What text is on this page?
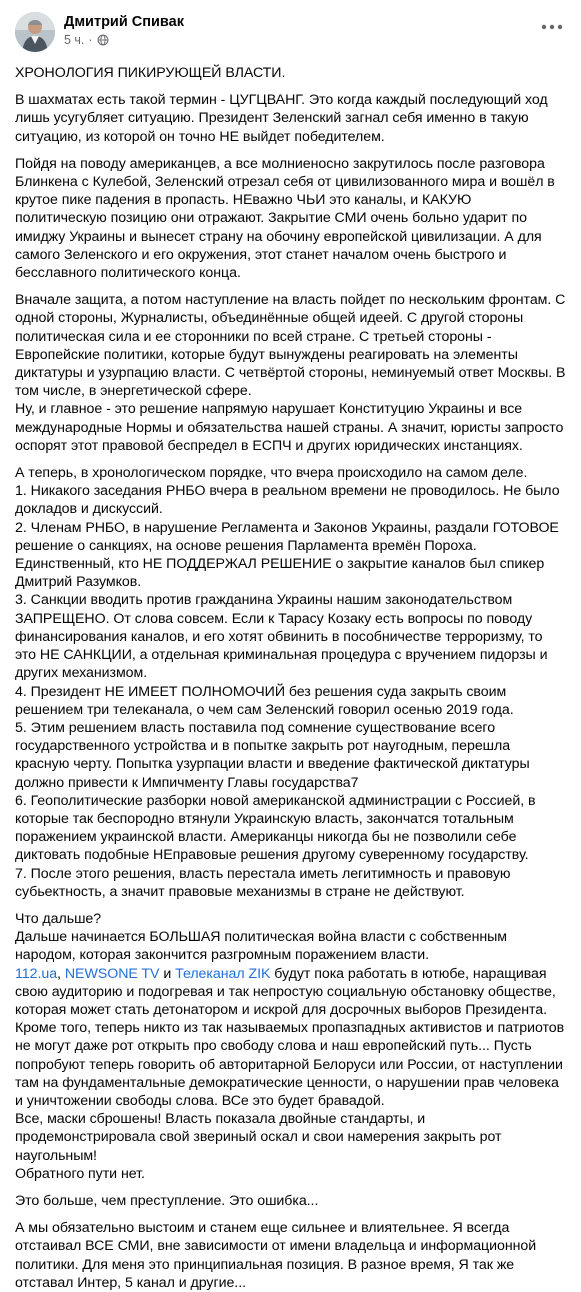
Дмитрий Спивак
5 ч. ·

ХРОНОЛОГИЯ ПИКИРУЮЩЕЙ ВЛАСТИ.

В шахматах есть такой термин - ЦУГЦВАНГ. Это когда каждый последующий ход лишь усугубляет ситуацию. Президент Зеленский загнал себя именно в такую ситуацию, из которой он точно НЕ выйдет победителем.

Пойдя на поводу американцев, а все молниеносно закрутилось после разговора Блинкена с Кулебой, Зеленский отрезал себя от цивилизованного мира и вошёл в крутое пике падения в пропасть. НЕважно ЧЬИ это каналы, и КАКУЮ политическую позицию они отражают. Закрытие СМИ очень больно ударит по имиджу Украины и вынесет страну на обочину европейской цивилизации. А для самого Зеленского и его окружения, этот станет началом очень быстрого и бесславного политического конца.

Вначале защита, а потом наступление на власть пойдет по нескольким фронтам. С одной стороны, Журналисты, объединённые общей идеей. С другой стороны политическая сила и ее сторонники по всей стране. С третьей стороны - Европейские политики, которые будут вынуждены реагировать на элементы диктатуры и узурпацию власти. С четвёртой стороны, неминуемый ответ Москвы. В том числе, в энергетической сфере.
Ну, и главное - это решение напрямую нарушает Конституцию Украины и все международные Нормы и обязательства нашей страны. А значит, юристы запросто оспорят этот правовой беспредел в ЕСПЧ и других юридических инстанциях.

А теперь, в хронологическом порядке, что вчера происходило на самом деле.
1. Никакого заседания РНБО вчера в реальном времени не проводилось. Не было докладов и дискуссий.
2. Членам РНБО, в нарушение Регламента и Законов Украины, раздали ГОТОВОЕ решение о санкциях, на основе решения Парламента времён Пороха. Единственный, кто НЕ ПОДДЕРЖАЛ РЕШЕНИЕ о закрытие каналов был спикер Дмитрий Разумков.
3. Санкции вводить против гражданина Украины нашим законодательством ЗАПРЕЩЕНО. От слова совсем. Если к Тарасу Козаку есть вопросы по поводу финансирования каналов, и его хотят обвинить в пособничестве терроризму, то это НЕ САНКЦИИ, а отдельная криминальная процедура с вручением пидорзы и других механизмом.
4. Президент НЕ ИМЕЕТ ПОЛНОМОЧИЙ без решения суда закрыть своим решением три телеканала, о чем сам Зеленский говорил осенью 2019 года.
5. Этим решением власть поставила под сомнение существование всего государственного устройства и в попытке закрыть рот наугодным, перешла красную черту. Попытка узурпации власти и введение фактической диктатуры должно привести к Импичменту Главы государства7
6. Геополитические разборки новой американской администрации с Россией, в которые так беспородно втянули Украинскую власть, закончатся тотальным поражением украинской власти. Американцы никогда бы не позволили себе диктовать подобные НЕправовые решения другому суверенному государству.
7. После этого решения, власть перестала иметь легитимность и правовую субьектность, а значит правовые механизмы в стране не действуют.

Что дальше?
Дальше начинается БОЛЬШАЯ политическая война власти с собственным народом, которая закончится разгромным поражением власти.

112.ua, NEWSONE TV и Телеканал ZIK будут пока работать в ютюбе, наращивая свою аудиторию и подогревая и так непростую социальную обстановку обществе, которая может стать детонатором и искрой для досрочных выборов Президента.

Кроме того, теперь никто из так называемых пропазпадных активистов и патриотов не могут даже рот открыть про свободу слова и наш европейский путь... Пусть попробуют теперь говорить об авторитарной Белоруси или России, от наступлении там на фундаментальные демократические ценности, о нарушении прав человека и уничтожении свободы слова. ВСе это будет бравадой.
Все, маски сброшены! Власть показала двойные стандарты, и продемонстрировала свой звериный оскал и свои намерения закрыть рот наугольным!
Обратного пути нет.

Это больше, чем преступление. Это ошибка...

А мы обязательно выстоим и станем еще сильнее и влиятельнее. Я всегда отстаивал ВСЕ СМИ, вне зависимости от имени владельца и информационной политики. Для меня это принципиальная позиция. В разное время, Я так же отставал Интер, 5 канал и другие...
